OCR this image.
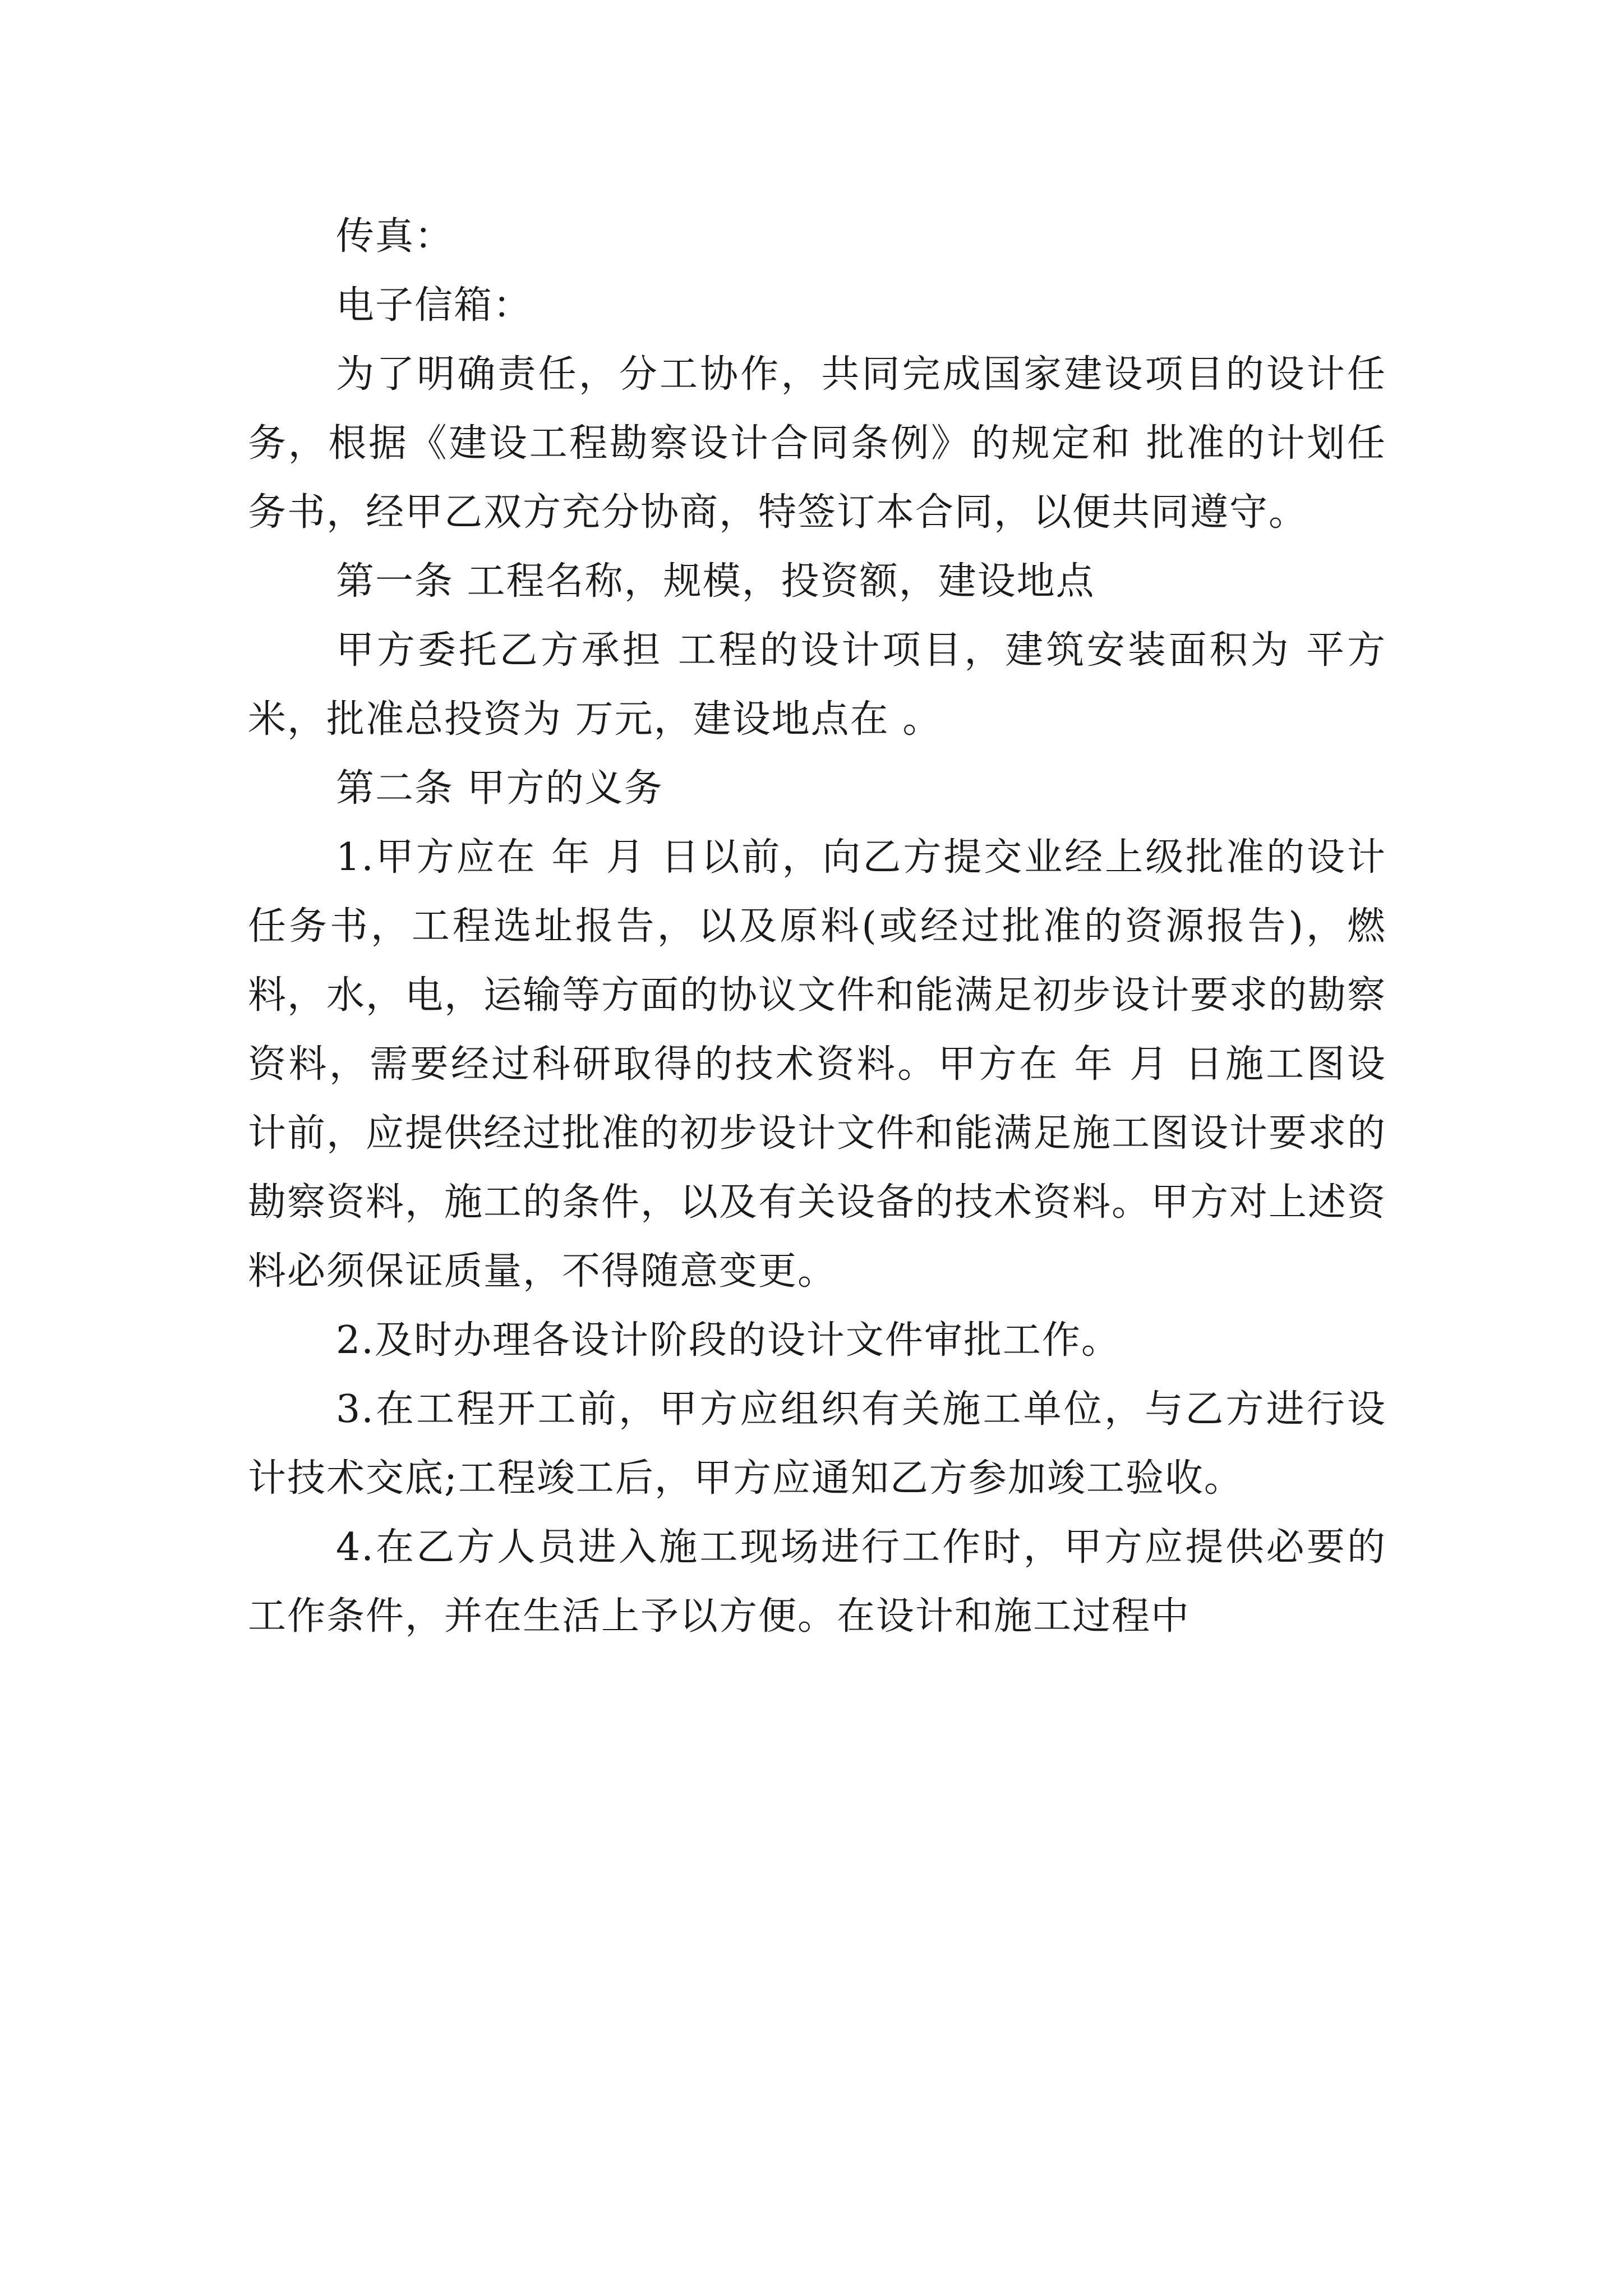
传真：

电子信箱：

为了明确责任，分工协作，共同完成国家建设项目的设计任务，根据《建设工程勘察设计合同条例》的规定和 批准的计划任务书，经甲乙双方充分协商，特签订本合同，以便共同遵守。

第一条 工程名称，规模，投资额，建设地点

甲方委托乙方承担 工程的设计项目，建筑安装面积为 平方米，批准总投资为 万元，建设地点在 。

第二条 甲方的义务

1.甲方应在 年 月 日以前，向乙方提交业经上级批准的设计任务书，工程选址报告，以及原料(或经过批准的资源报告)，燃料，水，电，运输等方面的协议文件和能满足初步设计要求的勘察资料，需要经过科研取得的技术资料。甲方在 年 月 日施工图设计前，应提供经过批准的初步设计文件和能满足施工图设计要求的勘察资料，施工的条件，以及有关设备的技术资料。甲方对上述资料必须保证质量，不得随意变更。

2.及时办理各设计阶段的设计文件审批工作。

3.在工程开工前，甲方应组织有关施工单位，与乙方进行设计技术交底;工程竣工后，甲方应通知乙方参加竣工验收。

4.在乙方人员进入施工现场进行工作时，甲方应提供必要的工作条件，并在生活上予以方便。在设计和施工过程中
